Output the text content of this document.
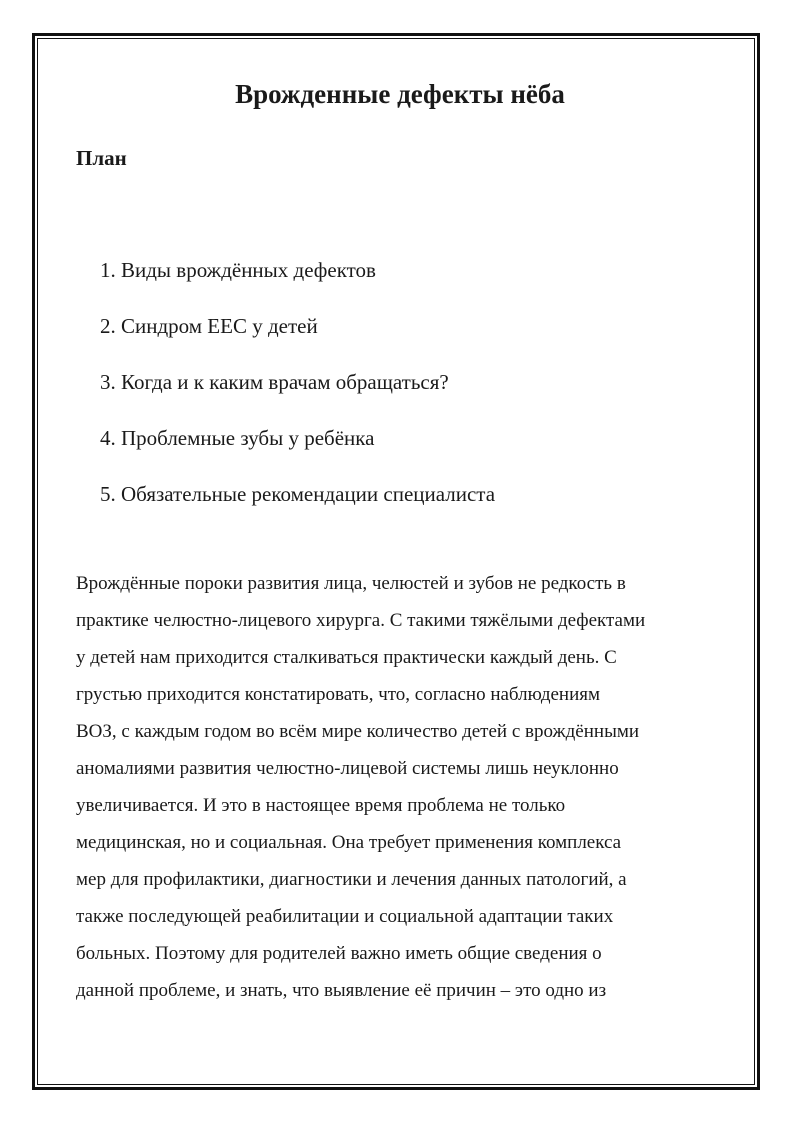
Врожденные дефекты нёба
План
1. Виды врождённых дефектов
2. Синдром ЕЕС у детей
3. Когда и к каким врачам обращаться?
4. Проблемные зубы у ребёнка
5. Обязательные рекомендации специалиста

Врождённые пороки развития лица, челюстей и зубов не редкость в
практике челюстно-лицевого хирурга. С такими тяжёлыми дефектами
у детей нам приходится сталкиваться практически каждый день. С
грустью приходится констатировать, что, согласно наблюдениям
ВОЗ, с каждым годом во всём мире количество детей с врождёнными
аномалиями развития челюстно-лицевой системы лишь неуклонно
увеличивается. И это в настоящее время проблема не только
медицинская, но и социальная. Она требует применения комплекса
мер для профилактики, диагностики и лечения данных патологий, а
также последующей реабилитации и социальной адаптации таких
больных. Поэтому для родителей важно иметь общие сведения о
данной проблеме, и знать, что выявление её причин – это одно из
